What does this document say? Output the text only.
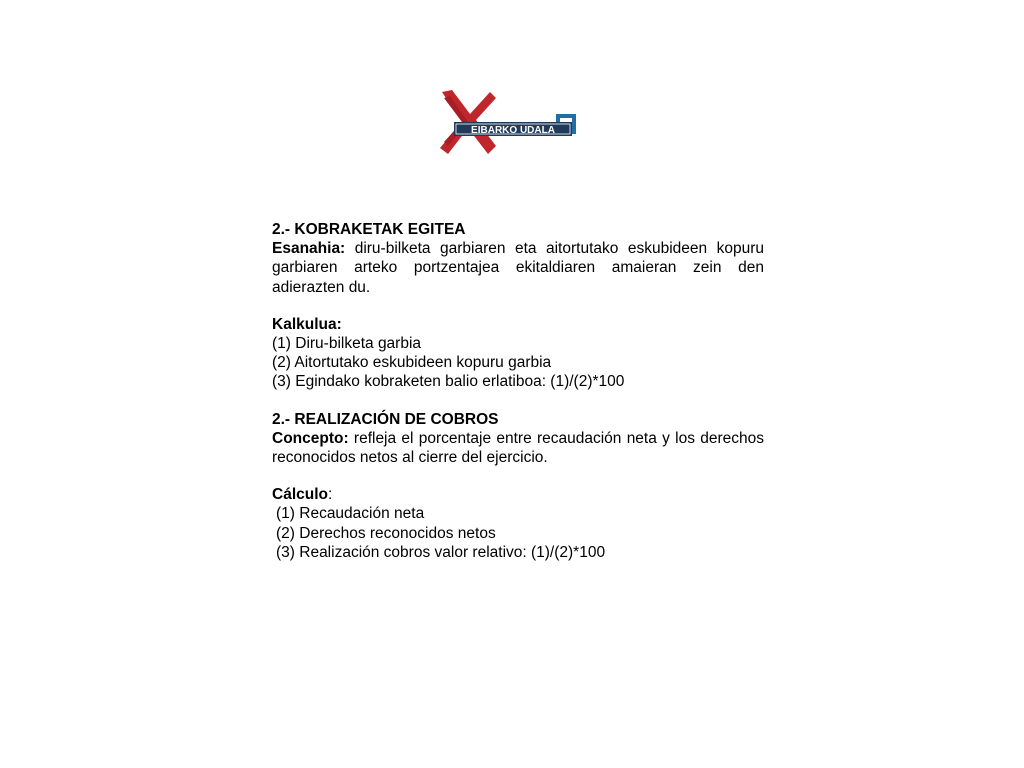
EIBARKO UDALA

2.- KOBRAKETAK EGITEA

Esanahia: diru-bilketa garbiaren eta aitortutako eskubideen kopuru garbiaren arteko portzentajea ekitaldiaren amaieran zein den adierazten du.

Kalkulua:

(1) Diru-bilketa garbia

(2) Aitortutako eskubideen kopuru garbia

(3) Egindako kobraketen balio erlatiboa: (1)/(2)*100

2.- REALIZACIÓN DE COBROS

Concepto: refleja el porcentaje entre recaudación neta y los derechos reconocidos netos al cierre del ejercicio.

Cálculo:

(1) Recaudación neta

(2) Derechos reconocidos netos

(3) Realización cobros valor relativo: (1)/(2)*100
